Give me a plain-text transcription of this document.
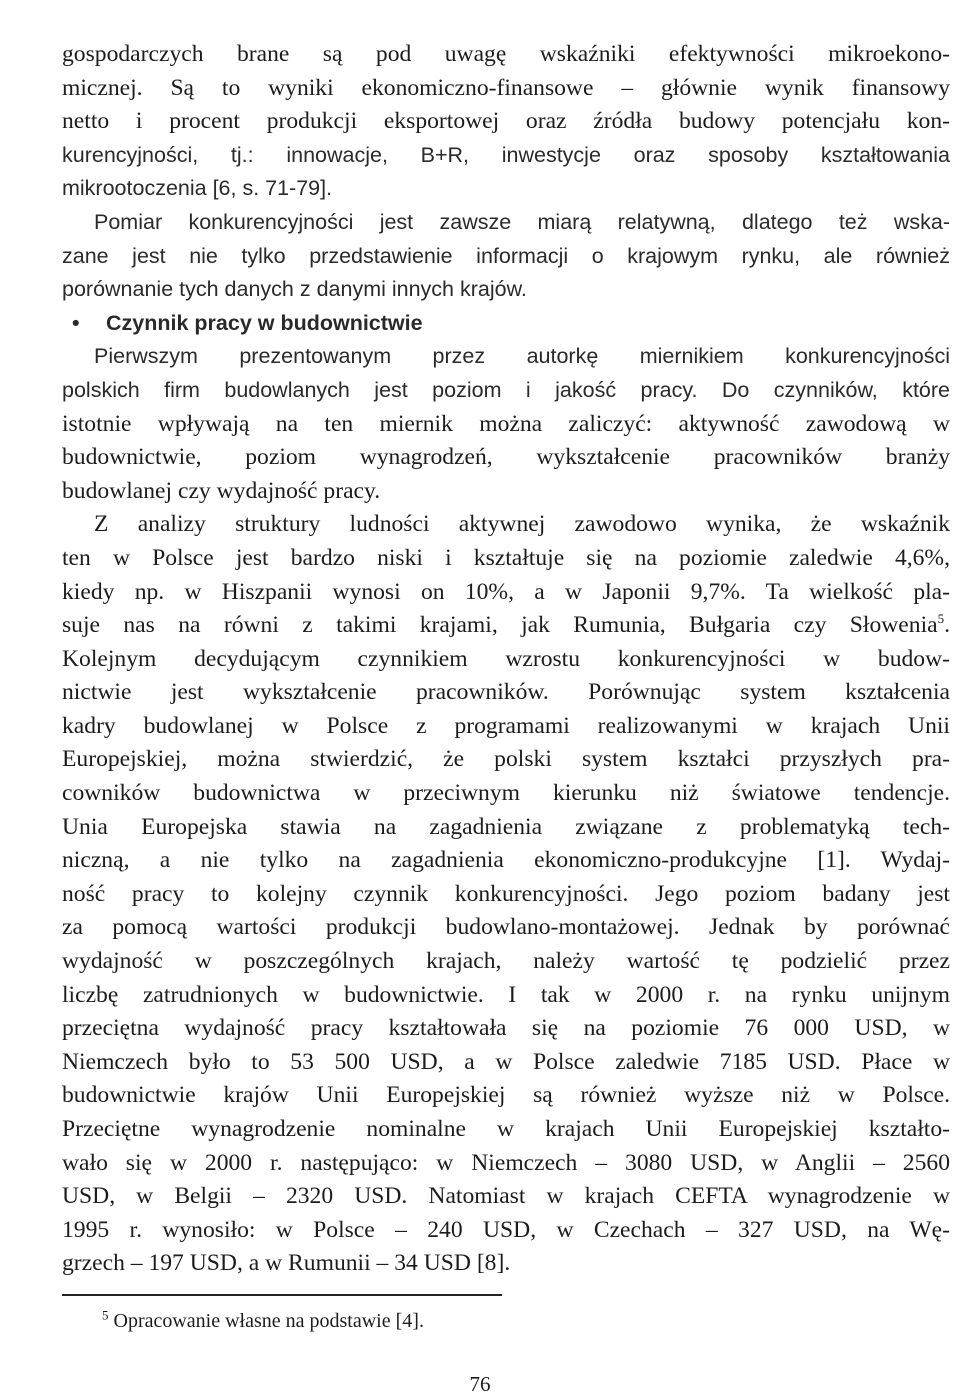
gospodarczych brane są pod uwagę wskaźniki efektywności mikroekono-
micznej. Są to wyniki ekonomiczno-finansowe – głównie wynik finansowy
netto i procent produkcji eksportowej oraz źródła budowy potencjału kon-
kurencyjności, tj.: innowacje, B+R, inwestycje oraz sposoby kształtowania
mikrootoczenia [6, s. 71-79].
Pomiar konkurencyjności jest zawsze miarą relatywną, dlatego też wska-
zane jest nie tylko przedstawienie informacji o krajowym rynku, ale również
porównanie tych danych z danymi innych krajów.
• Czynnik pracy w budownictwie
Pierwszym prezentowanym przez autorkę miernikiem konkurencyjności
polskich firm budowlanych jest poziom i jakość pracy. Do czynników, które
istotnie wpływają na ten miernik można zaliczyć: aktywność zawodową w
budownictwie, poziom wynagrodzeń, wykształcenie pracowników branży
budowlanej czy wydajność pracy.
Z analizy struktury ludności aktywnej zawodowo wynika, że wskaźnik
ten w Polsce jest bardzo niski i kształtuje się na poziomie zaledwie 4,6%,
kiedy np. w Hiszpanii wynosi on 10%, a w Japonii 9,7%. Ta wielkość pla-
suje nas na równi z takimi krajami, jak Rumunia, Bułgaria czy Słowenia$^5$.
Kolejnym decydującym czynnikiem wzrostu konkurencyjności w budow-
nictwie jest wykształcenie pracowników. Porównując system kształcenia
kadry budowlanej w Polsce z programami realizowanymi w krajach Unii
Europejskiej, można stwierdzić, że polski system kształci przyszłych pra-
cowników budownictwa w przeciwnym kierunku niż światowe tendencje.
Unia Europejska stawia na zagadnienia związane z problematyką tech-
niczną, a nie tylko na zagadnienia ekonomiczno-produkcyjne [1]. Wydaj-
ność pracy to kolejny czynnik konkurencyjności. Jego poziom badany jest
za pomocą wartości produkcji budowlano-montażowej. Jednak by porównać
wydajność w poszczególnych krajach, należy wartość tę podzielić przez
liczbę zatrudnionych w budownictwie. I tak w 2000 r. na rynku unijnym
przeciętna wydajność pracy kształtowała się na poziomie 76 000 USD, w
Niemczech było to 53 500 USD, a w Polsce zaledwie 7185 USD. Płace w
budownictwie krajów Unii Europejskiej są również wyższe niż w Polsce.
Przeciętne wynagrodzenie nominalne w krajach Unii Europejskiej kształto-
wało się w 2000 r. następująco: w Niemczech – 3080 USD, w Anglii – 2560
USD, w Belgii – 2320 USD. Natomiast w krajach CEFTA wynagrodzenie w
1995 r. wynosiło: w Polsce – 240 USD, w Czechach – 327 USD, na Wę-
grzech – 197 USD, a w Rumunii – 34 USD [8].
$^5$ Opracowanie własne na podstawie [4].
76
